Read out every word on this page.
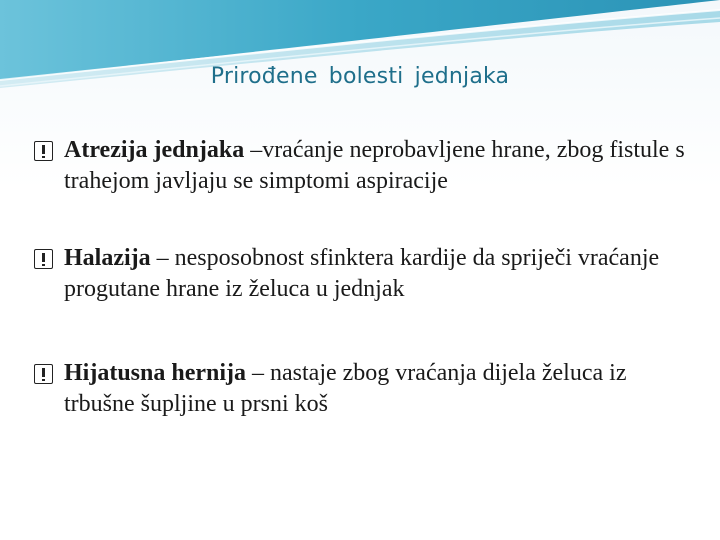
Prirođene bolesti jednjaka
Atrezija jednjaka –vraćanje neprobavljene hrane, zbog fistule s trahejom javljaju se simptomi aspiracije
Halazija – nesposobnost sfinktera kardije da spriječi vraćanje progutane hrane iz želuca u jednjak
Hijatusna hernija – nastaje zbog vraćanja dijela želuca iz trbušne šupljine u prsni koš
